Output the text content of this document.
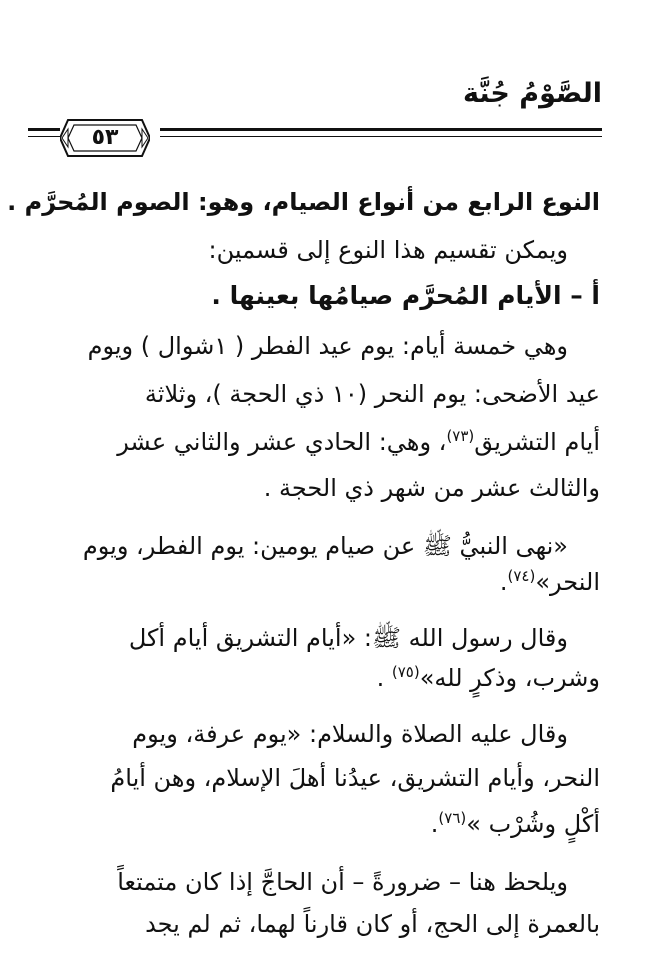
الصَّوْمُ جُنَّة
٥٣
النوع الرابع من أنواع الصيام، وهو: الصوم المُحرَّم .
ويمكن تقسيم هذا النوع إلى قسمين:
أ – الأيام المُحرَّم صيامُها بعينها .
وهي خمسة أيام: يوم عيد الفطر ( ١شوال ) ويوم
عيد الأضحى: يوم النحر (١٠ ذي الحجة )، وثلاثة
أيام التشريق$^{(٧٣)}$، وهي: الحادي عشر والثاني عشر
والثالث عشر من شهر ذي الحجة .
«نهى النبيُّ ﷺ عن صيام يومين: يوم الفطر، ويوم
النحر»$^{(٧٤)}$.
وقال رسول الله ﷺ: «أيام التشريق أيام أكل
وشرب، وذكرٍ لله»$^{(٧٥)}$ .
وقال عليه الصلاة والسلام: «يوم عرفة، ويوم
النحر، وأيام التشريق، عيدُنا أهلَ الإسلام، وهن أيامُ
أكْلٍ وشُرْب »$^{(٧٦)}$.
ويلحظ هنا – ضرورةً – أن الحاجَّ إذا كان متمتعاً
بالعمرة إلى الحج، أو كان قارناً لهما، ثم لم يجد
